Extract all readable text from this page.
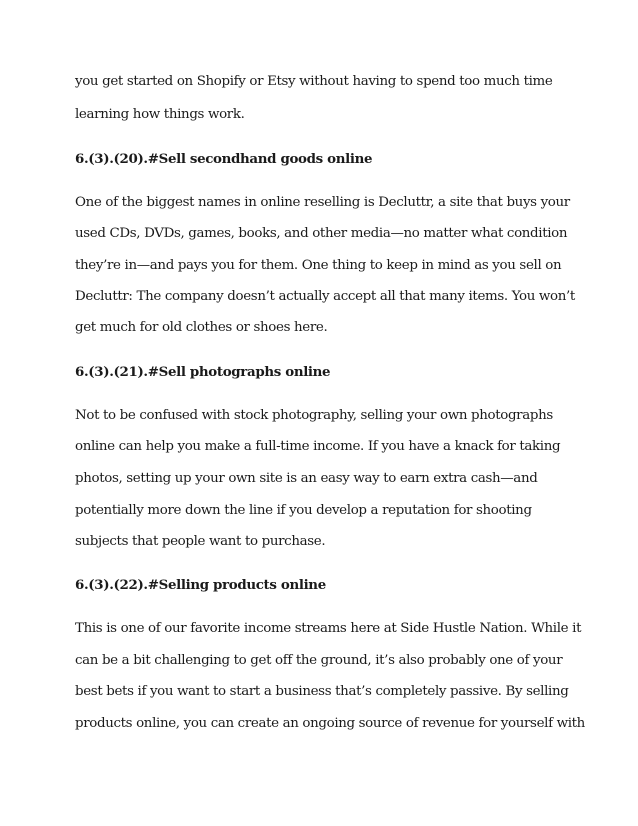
you get started on Shopify or Etsy without having to spend too much time
learning how things work.
6.(3).(20).#Sell secondhand goods online
One of the biggest names in online reselling is Decluttr, a site that buys your
used CDs, DVDs, games, books, and other media—no matter what condition
they’re in—and pays you for them. One thing to keep in mind as you sell on
Decluttr: The company doesn’t actually accept all that many items. You won’t
get much for old clothes or shoes here.
6.(3).(21).#Sell photographs online
Not to be confused with stock photography, selling your own photographs
online can help you make a full-time income. If you have a knack for taking
photos, setting up your own site is an easy way to earn extra cash—and
potentially more down the line if you develop a reputation for shooting
subjects that people want to purchase.
6.(3).(22).#Selling products online
This is one of our favorite income streams here at Side Hustle Nation. While it
can be a bit challenging to get off the ground, it’s also probably one of your
best bets if you want to start a business that’s completely passive. By selling
products online, you can create an ongoing source of revenue for yourself with
